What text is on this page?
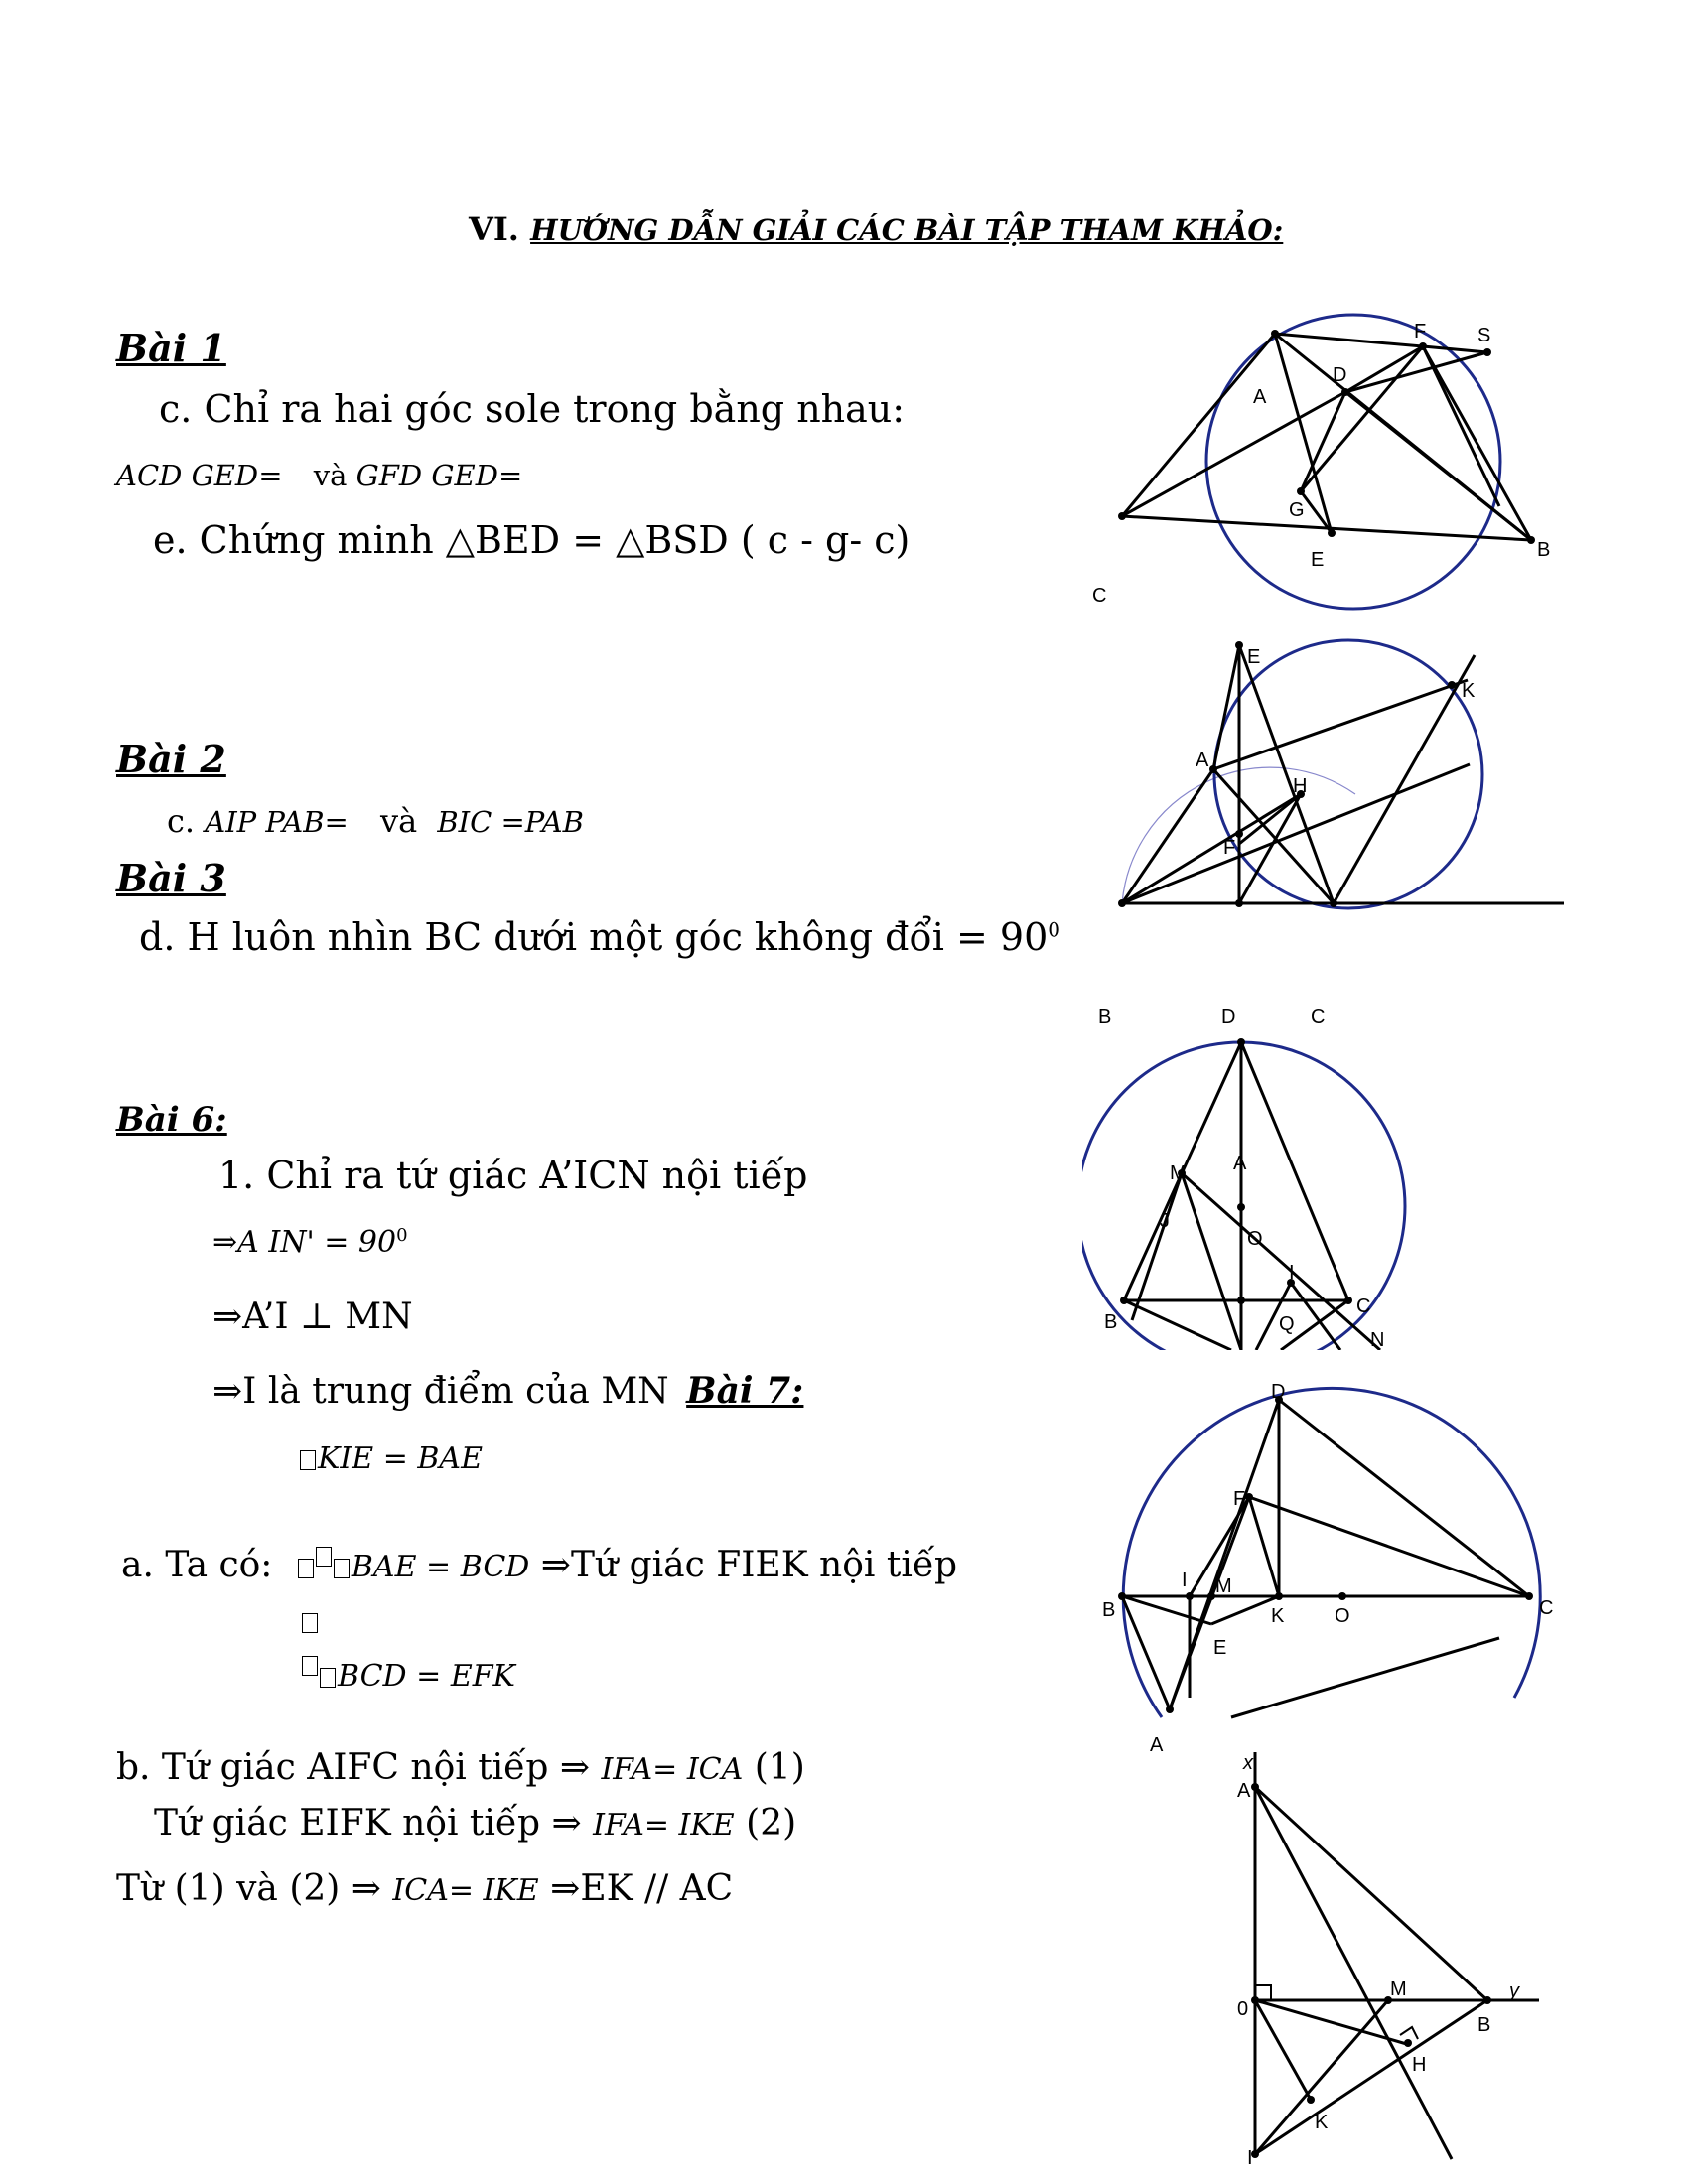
VI. HƯỚNG DẪN GIẢI CÁC BÀI TẬP THAM KHẢO:
Bài 1
c. Chỉ ra hai góc sole trong bằng nhau:
ACD GED= và GFD GED=
e. Chứng minh △BED = △BSD ( c - g- c)
Bài 2
c. AIP PAB= và BIC =PAB
Bài 3
d. H luôn nhìn BC dưới một góc không đổi = $90^0$
Bài 6:
1. Chỉ ra tứ giác A’ICN nội tiếp
⇒A $IN' = 90^0$
⇒A’I ⊥ MN
⇒I là trung điểm của MN Bài 7:
KIE = BAE
a. Ta có:	BAE = BCD ⇒Tứ giác FIEK nội tiếp
BCD = EFK
b. Tứ giác AIFC nội tiếp ⇒ IFA= ICA (1)
Tứ giác EIFK nội tiếp ⇒ IFA= IKE (2)
Từ (1) và (2) ⇒ ICA= IKE ⇒EK // AC
F	S
D
A
G
E	B
C
E
K
A
H
F
B	D	C
M A
J
O
I
B	Q
C
N
D
F
I M
K	O
B	C
E
A
x
A
0
M	y
B
H
K
I
